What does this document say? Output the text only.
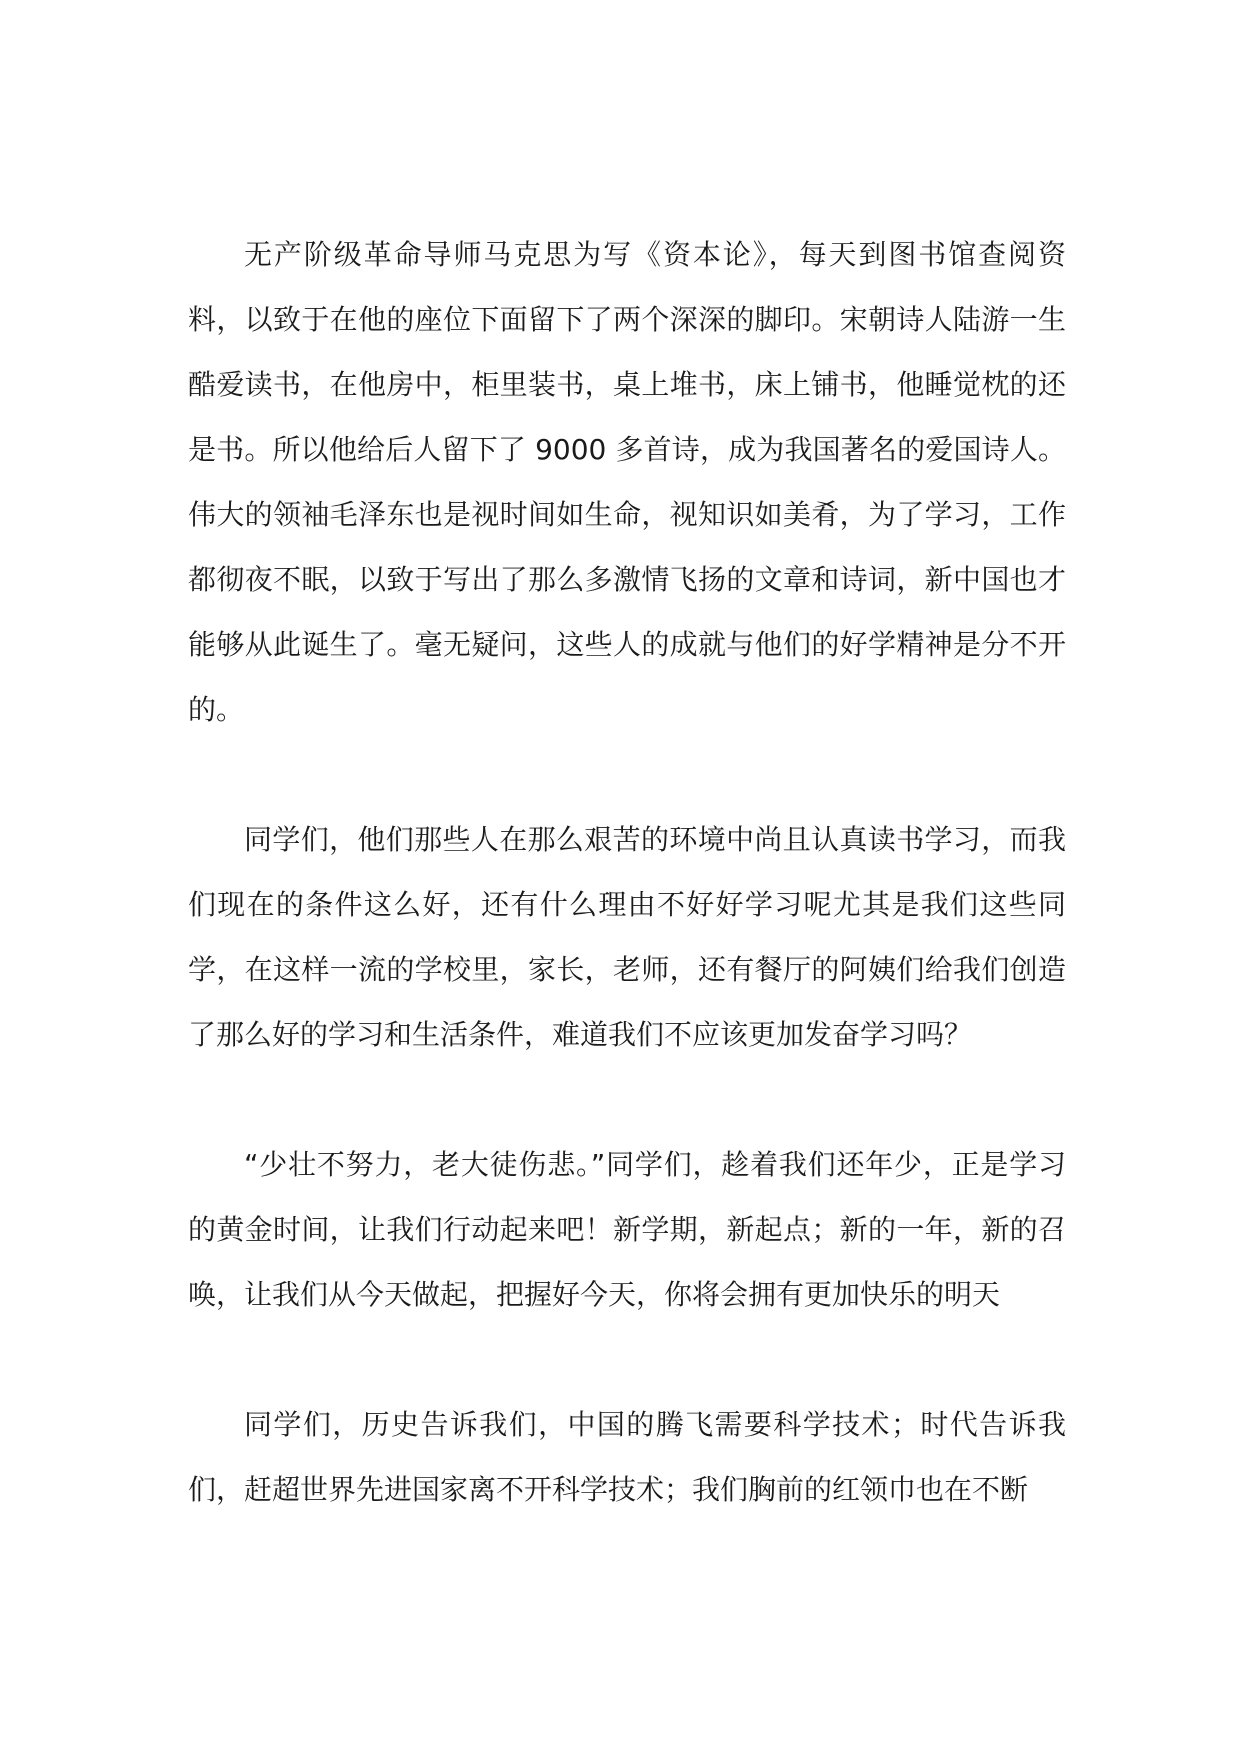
无产阶级革命导师马克思为写《资本论》，每天到图书馆查阅资料，以致于在他的座位下面留下了两个深深的脚印。宋朝诗人陆游一生酷爱读书，在他房中，柜里装书，桌上堆书，床上铺书，他睡觉枕的还是书。所以他给后人留下了 9000 多首诗，成为我国著名的爱国诗人。伟大的领袖毛泽东也是视时间如生命，视知识如美肴，为了学习，工作都彻夜不眠，以致于写出了那么多激情飞扬的文章和诗词，新中国也才能够从此诞生了。毫无疑问，这些人的成就与他们的好学精神是分不开的。

同学们，他们那些人在那么艰苦的环境中尚且认真读书学习，而我们现在的条件这么好，还有什么理由不好好学习呢尤其是我们这些同学，在这样一流的学校里，家长，老师，还有餐厅的阿姨们给我们创造了那么好的学习和生活条件，难道我们不应该更加发奋学习吗？

“少壮不努力，老大徒伤悲。”同学们，趁着我们还年少，正是学习的黄金时间，让我们行动起来吧！新学期，新起点；新的一年，新的召唤，让我们从今天做起，把握好今天，你将会拥有更加快乐的明天

同学们，历史告诉我们，中国的腾飞需要科学技术；时代告诉我们，赶超世界先进国家离不开科学技术；我们胸前的红领巾也在不断
